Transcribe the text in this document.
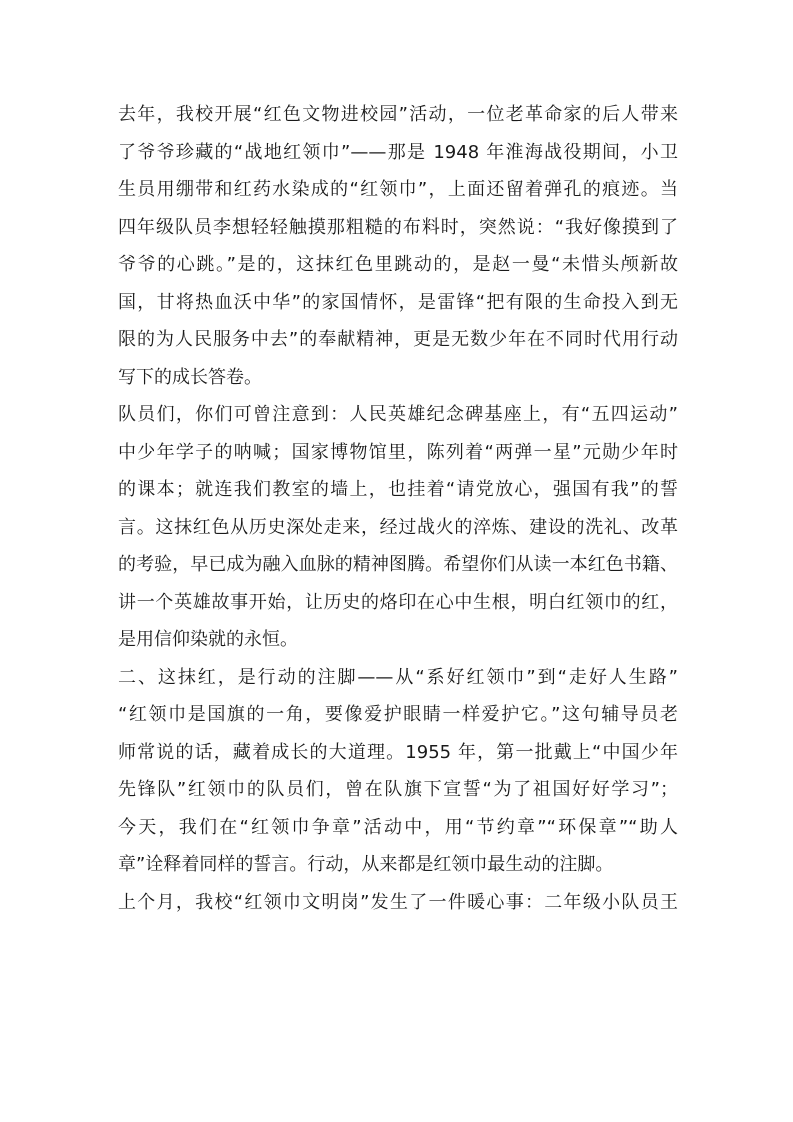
去年，我校开展“红色文物进校园”活动，一位老革命家的后人带来
了爷爷珍藏的“战地红领巾”——那是 1948 年淮海战役期间，小卫
生员用绷带和红药水染成的“红领巾”，上面还留着弹孔的痕迹。当
四年级队员李想轻轻触摸那粗糙的布料时，突然说：“我好像摸到了
爷爷的心跳。”是的，这抹红色里跳动的，是赵一曼“未惜头颅新故
国，甘将热血沃中华”的家国情怀，是雷锋“把有限的生命投入到无
限的为人民服务中去”的奉献精神，更是无数少年在不同时代用行动
写下的成长答卷。
队员们，你们可曾注意到：人民英雄纪念碑基座上，有“五四运动”
中少年学子的呐喊；国家博物馆里，陈列着“两弹一星”元勋少年时
的课本；就连我们教室的墙上，也挂着“请党放心，强国有我”的誓
言。这抹红色从历史深处走来，经过战火的淬炼、建设的洗礼、改革
的考验，早已成为融入血脉的精神图腾。希望你们从读一本红色书籍、
讲一个英雄故事开始，让历史的烙印在心中生根，明白红领巾的红，
是用信仰染就的永恒。
二、这抹红，是行动的注脚——从“系好红领巾”到“走好人生路”
“红领巾是国旗的一角，要像爱护眼睛一样爱护它。”这句辅导员老
师常说的话，藏着成长的大道理。1955 年，第一批戴上“中国少年
先锋队”红领巾的队员们，曾在队旗下宣誓“为了祖国好好学习”；
今天，我们在“红领巾争章”活动中，用“节约章”“环保章”“助人
章”诠释着同样的誓言。行动，从来都是红领巾最生动的注脚。
上个月，我校“红领巾文明岗”发生了一件暖心事：二年级小队员王
